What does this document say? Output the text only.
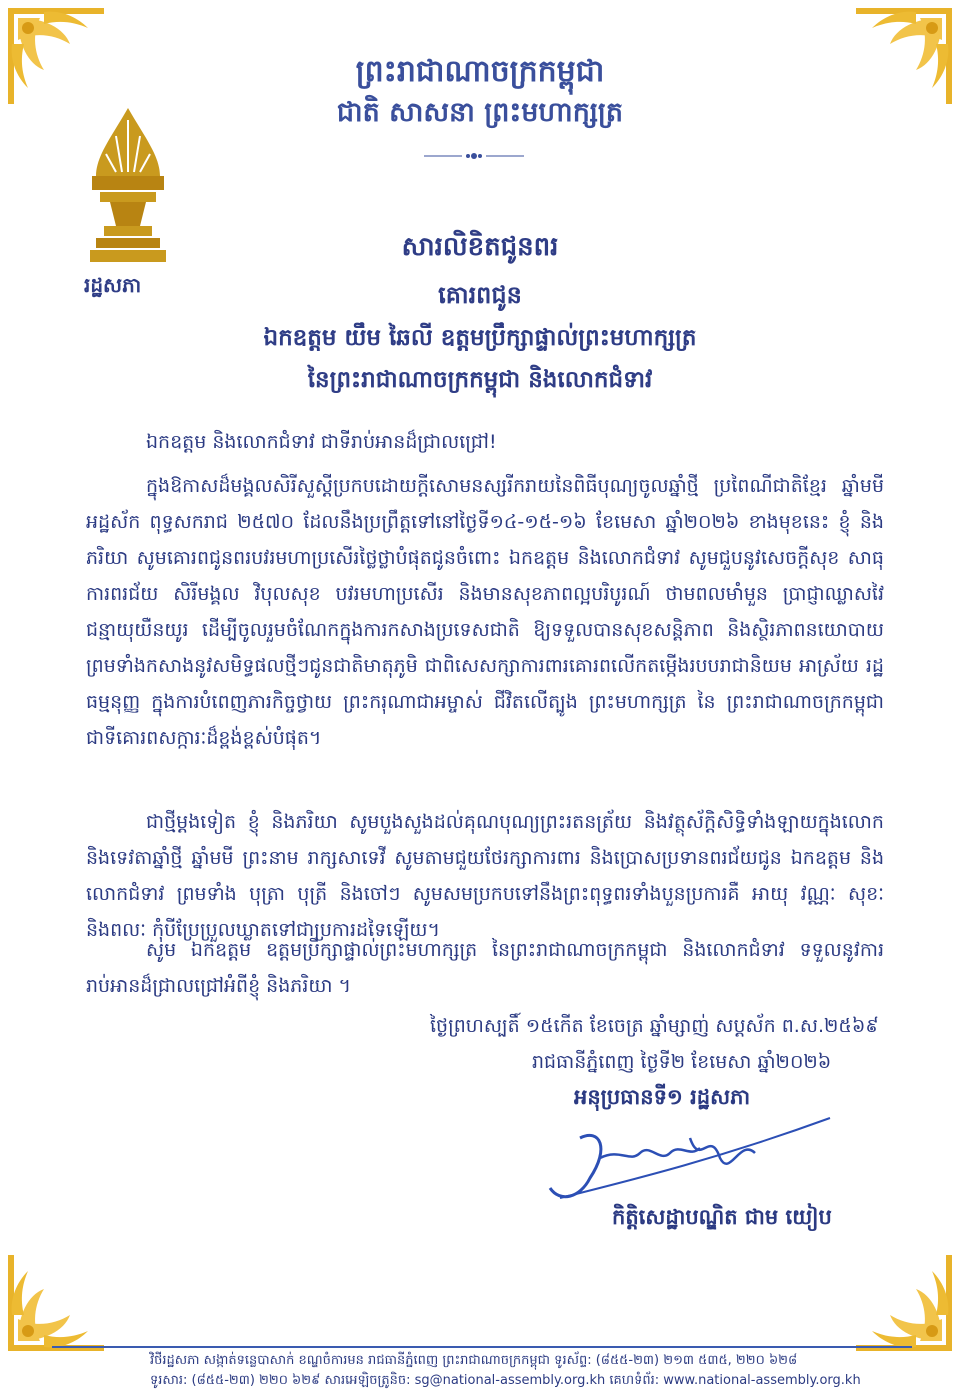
ព្រះរាជាណាចក្រកម្ពុជា
ជាតិ សាសនា ព្រះមហាក្សត្រ
រដ្ឋសភា
សារលិខិតជូនពរ
គោរពជូន
ឯកឧត្តម យឹម ឆៃលី ឧត្តមប្រឹក្សាផ្ទាល់ព្រះមហាក្សត្រ
នៃព្រះរាជាណាចក្រកម្ពុជា និងលោកជំទាវ
ឯកឧត្តម និងលោកជំទាវ ជាទីរាប់អានដ៏ជ្រាលជ្រៅ!
ក្នុងឱកាសដ៏មង្គលសិរីសួស្តីប្រកបដោយក្តីសោមនស្សរីករាយនៃពិធីបុណ្យចូលឆ្នាំថ្មី ប្រពៃណីជាតិខ្មែរ ឆ្នាំមមី អដ្ឋស័ក ពុទ្ធសករាជ ២៥៧០ ដែលនឹងប្រព្រឹត្តទៅនៅថ្ងៃទី១៤-១៥-១៦ ខែមេសា ឆ្នាំ២០២៦ ខាងមុខនេះ ខ្ញុំ និងភរិយា សូមគោរពជូនពរបវរមហាប្រសើរថ្លៃថ្លាបំផុតជូនចំពោះ ឯកឧត្តម និងលោកជំទាវ សូមជួបនូវសេចក្តីសុខ សាធុការពរជ័យ សិរីមង្គល វិបុលសុខ បវរមហាប្រសើរ និងមានសុខភាពល្អបរិបូរណ៍ ថាមពលមាំមួន ប្រាជ្ញាឈ្លាសវៃ ជន្មាយុយឺនយូរ ដើម្បីចូលរួមចំណែកក្នុងការកសាងប្រទេសជាតិ ឱ្យទទួលបានសុខសន្តិភាព និងស្ថិរភាពនយោបាយ ព្រមទាំងកសាងនូវសមិទ្ធផលថ្មីៗជូនជាតិមាតុភូមិ ជាពិសេសក្សាការពារគោរពលើកតម្កើងរបបរាជានិយម អាស្រ័យ រដ្ឋធម្មនុញ្ញ ក្នុងការបំពេញភារកិច្ចថ្វាយ ព្រះករុណាជាអម្ចាស់ ជីវិតលើត្បូង ព្រះមហាក្សត្រ នៃ ព្រះរាជាណាចក្រកម្ពុជា ជាទីគោរពសក្ការៈដ៏ខ្ពង់ខ្ពស់បំផុត។
ជាថ្មីម្តងទៀត ខ្ញុំ និងភរិយា សូមបួងសួងដល់គុណបុណ្យព្រះរតនត្រ័យ និងវត្ថុស័ក្តិសិទ្ធិទាំងឡាយក្នុងលោក និងទេវតាឆ្នាំថ្មី ឆ្នាំមមី ព្រះនាម រាក្សសាទេវី សូមតាមជួយថែរក្សាការពារ និងប្រោសប្រទានពរជ័យជូន ឯកឧត្តម និងលោកជំទាវ ព្រមទាំង បុត្រា បុត្រី និងចៅៗ សូមសមប្រកបទៅនឹងព្រះពុទ្ធពរទាំងបួនប្រការគឺ អាយុ វណ្ណៈ សុខៈ និងពលៈ កុំបីប្រែប្រួលឃ្លាតទៅជាប្រការដទៃឡើយ។
សូម ឯកឧត្តម ឧត្តមប្រឹក្សាផ្ទាល់ព្រះមហាក្សត្រ នៃព្រះរាជាណាចក្រកម្ពុជា និងលោកជំទាវ ទទួលនូវការ រាប់អានដ៏ជ្រាលជ្រៅអំពីខ្ញុំ និងភរិយា ។
ថ្ងៃព្រហស្បតិ៍ ១៥កើត ខែចេត្រ ឆ្នាំម្សាញ់ សប្តស័ក ព.ស.២៥៦៩
រាជធានីភ្នំពេញ ថ្ងៃទី២ ខែមេសា ឆ្នាំ២០២៦
អនុប្រធានទី១ រដ្ឋសភា
កិត្តិសេដ្ឋាបណ្ឌិត ជាម យៀប
វិថីរដ្ឋសភា សង្កាត់ទន្លេបាសាក់ ខណ្ឌចំការមន រាជធានីភ្នំពេញ ព្រះរាជាណាចក្រកម្ពុជា ទូរស័ព្ទ: (៨៥៥-២៣) ២១៣ ៥៣៥, ២២០ ៦២៨
ទូរសារ: (៨៥៥-២៣) ២២០ ៦២៩ សារអេឡិចត្រូនិច: sg@national-assembly.org.kh គេហទំព័រ: www.national-assembly.org.kh
